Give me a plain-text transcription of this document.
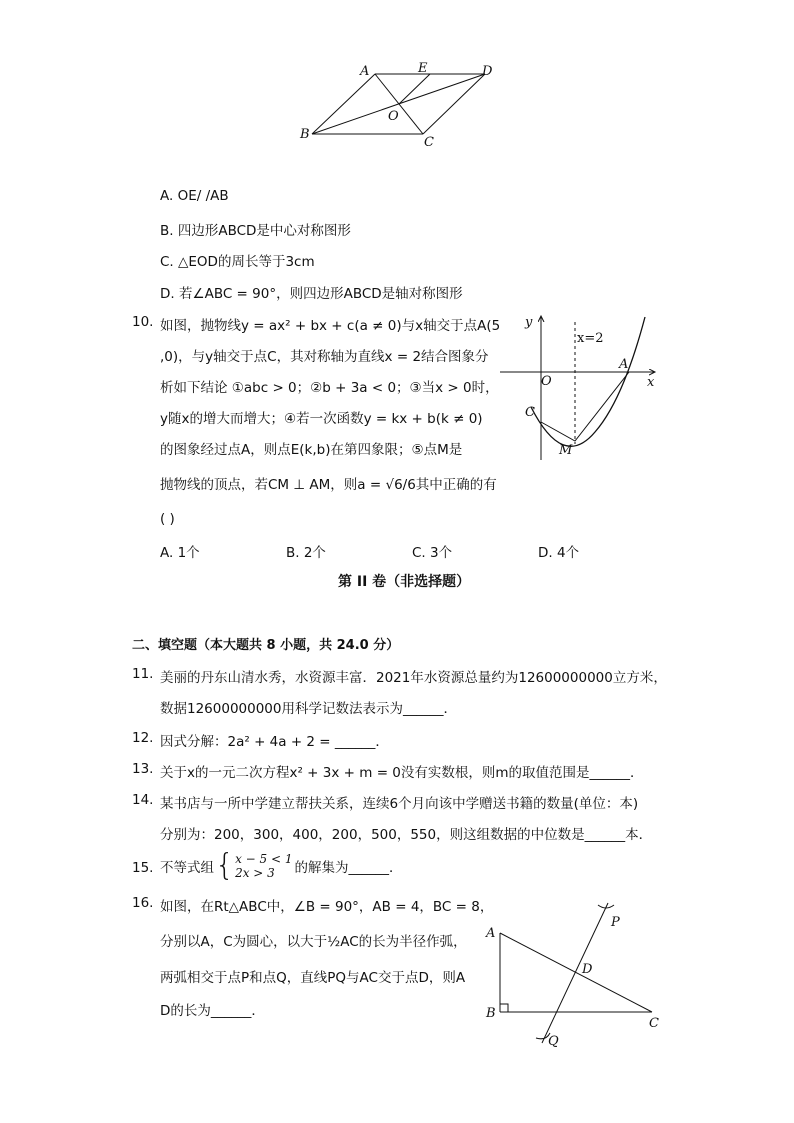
A	E	D
O
B
C
A. OE/ /AB
B. 四边形ABCD是中心对称图形
C. △EOD的周长等于3cm
D. 若∠ABC = 90°，则四边形ABCD是轴对称图形
10. 如图，抛物线y = ax² + bx + c(a ≠ 0)与x轴交于点A(5
,0)，与y轴交于点C，其对称轴为直线x = 2结合图象分
析如下结论 ①abc > 0；②b + 3a < 0；③当x > 0时，
y随x的增大而增大；④若一次函数y = kx + b(k ≠ 0)
的图象经过点A，则点E(k,b)在第四象限；⑤点M是
抛物线的顶点，若CM ⊥ AM，则a = √6/6其中正确的有
( )
y
x
O
A
C
M
x=2
A. 1个	B. 2个	C. 3个	D. 4个
第 II 卷（非选择题）
二、填空题（本大题共 8 小题，共 24.0 分）
11. 美丽的丹东山清水秀，水资源丰富．2021年水资源总量约为12600000000立方米，
数据12600000000用科学记数法表示为______．
12. 因式分解：2a² + 4a + 2 = ______．
13. 关于x的一元二次方程x² + 3x + m = 0没有实数根，则m的取值范围是______．
14. 某书店与一所中学建立帮扶关系，连续6个月向该中学赠送书籍的数量(单位：本)
分别为：200，300，400，200，500，550，则这组数据的中位数是______本．
15. 不等式组 { x − 5 < 1
2x > 3	的解集为______．
16. 如图，在Rt△ABC中，∠B = 90°，AB = 4，BC = 8，
分别以A，C为圆心，以大于½AC的长为半径作弧，
两弧相交于点P和点Q，直线PQ与AC交于点D，则A
D的长为______．
A
B
C
D
P
Q
